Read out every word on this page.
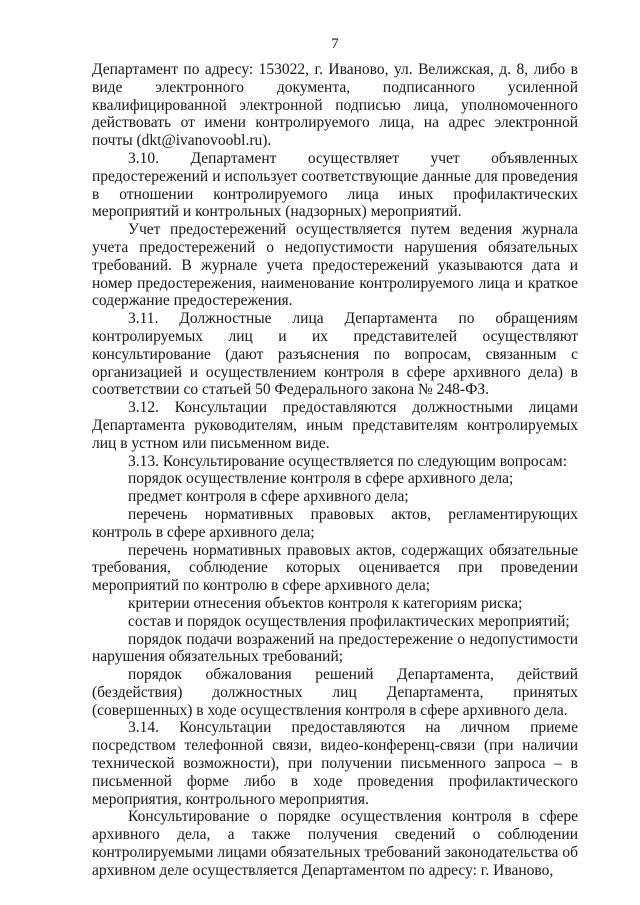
7

Департамент по адресу: 153022, г. Иваново, ул. Велижская, д. 8, либо в виде электронного документа, подписанного усиленной квалифицированной электронной подписью лица, уполномоченного действовать от имени контролируемого лица, на адрес электронной почты (dkt@ivanovoobl.ru).

3.10. Департамент осуществляет учет объявленных предостережений и использует соответствующие данные для проведения в отношении контролируемого лица иных профилактических мероприятий и контрольных (надзорных) мероприятий.

Учет предостережений осуществляется путем ведения журнала учета предостережений о недопустимости нарушения обязательных требований. В журнале учета предостережений указываются дата и номер предостережения, наименование контролируемого лица и краткое содержание предостережения.

3.11. Должностные лица Департамента по обращениям контролируемых лиц и их представителей осуществляют консультирование (дают разъяснения по вопросам, связанным с организацией и осуществлением контроля в сфере архивного дела) в соответствии со статьей 50 Федерального закона № 248-ФЗ.

3.12. Консультации предоставляются должностными лицами Департамента руководителям, иным представителям контролируемых лиц в устном или письменном виде.

3.13. Консультирование осуществляется по следующим вопросам:

порядок осуществление контроля в сфере архивного дела;

предмет контроля в сфере архивного дела;

перечень нормативных правовых актов, регламентирующих контроль в сфере архивного дела;

перечень нормативных правовых актов, содержащих обязательные требования, соблюдение которых оценивается при проведении мероприятий по контролю в сфере архивного дела;

критерии отнесения объектов контроля к категориям риска;

состав и порядок осуществления профилактических мероприятий;

порядок подачи возражений на предостережение о недопустимости нарушения обязательных требований;

порядок обжалования решений Департамента, действий (бездействия) должностных лиц Департамента, принятых (совершенных) в ходе осуществления контроля в сфере архивного дела.

3.14. Консультации предоставляются на личном приеме посредством телефонной связи, видео-конференц-связи (при наличии технической возможности), при получении письменного запроса – в письменной форме либо в ходе проведения профилактического мероприятия, контрольного мероприятия.

Консультирование о порядке осуществления контроля в сфере архивного дела, а также получения сведений о соблюдении контролируемыми лицами обязательных требований законодательства об архивном деле осуществляется Департаментом по адресу: г. Иваново,
